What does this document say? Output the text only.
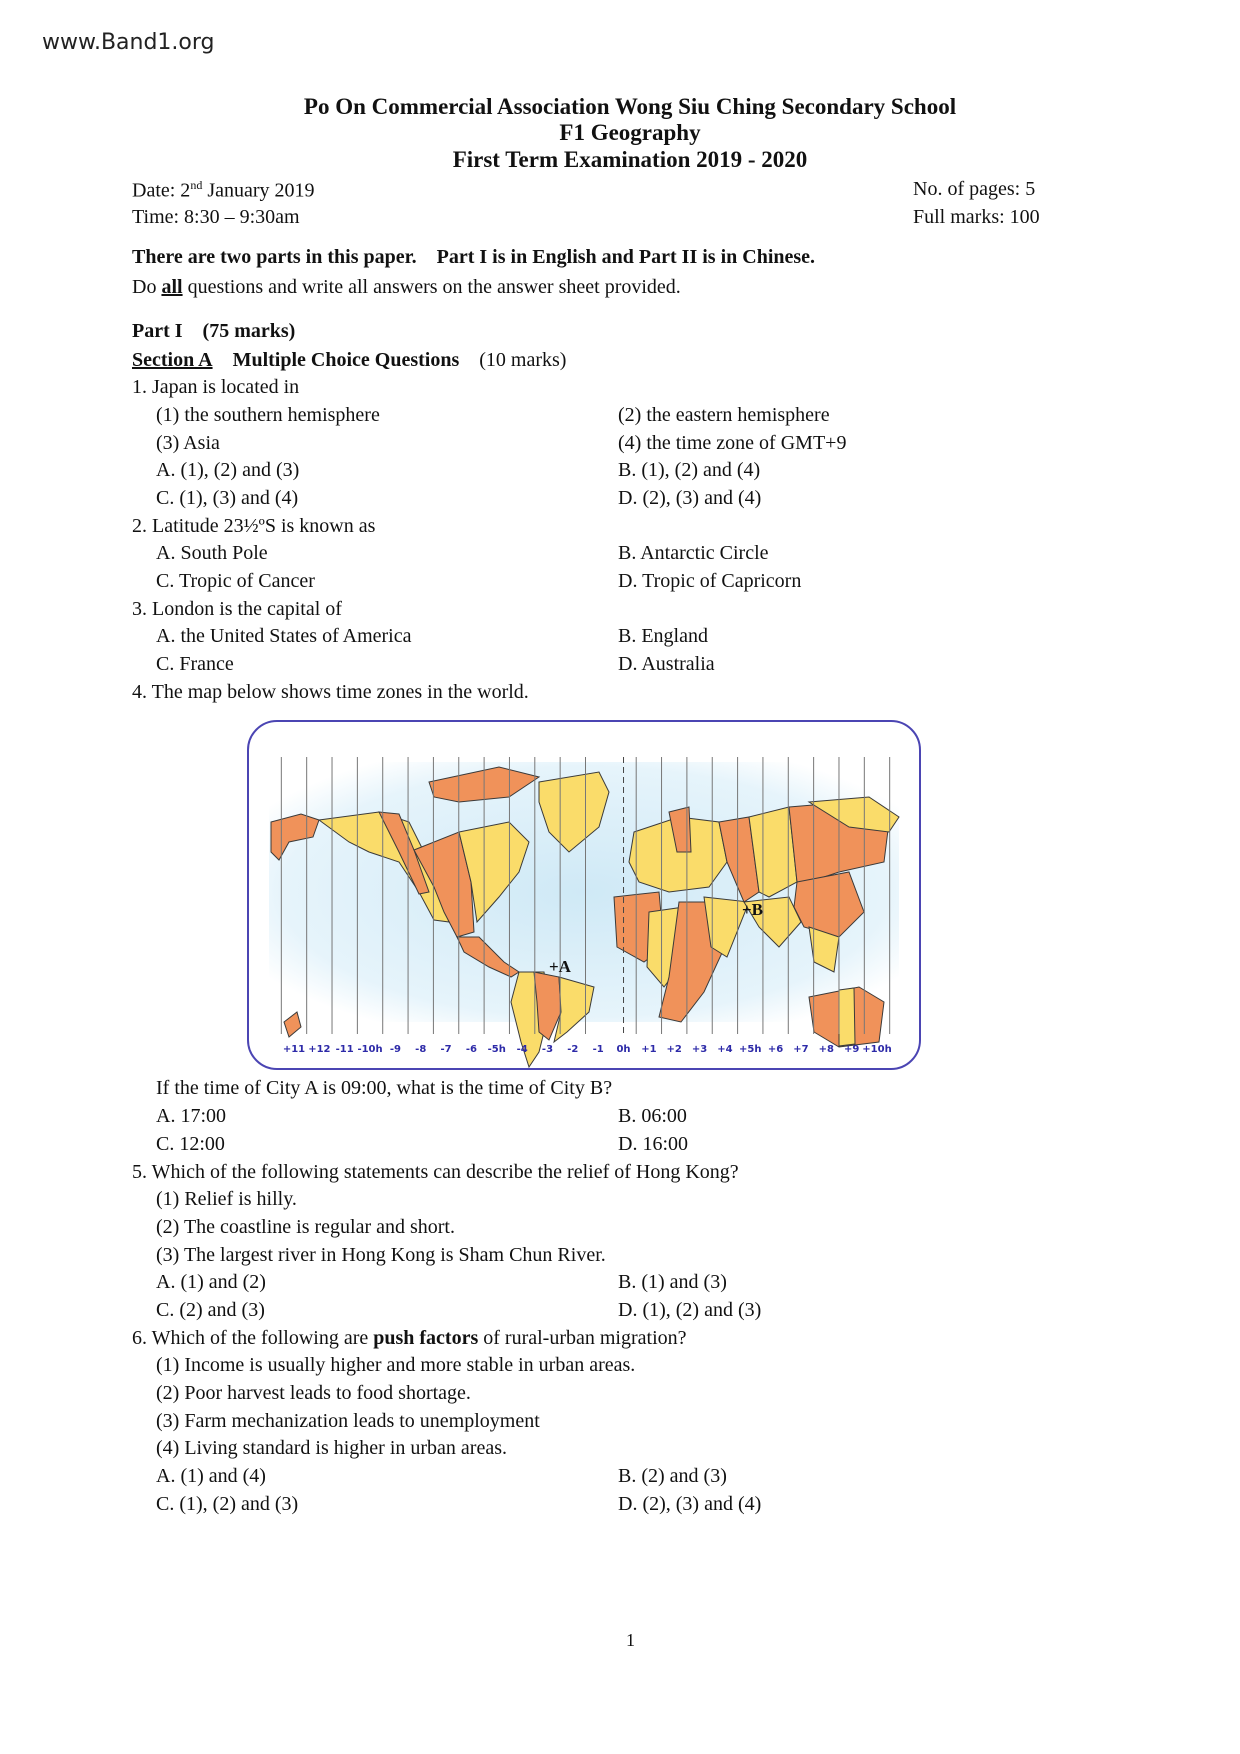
www.Band1.org
Po On Commercial Association Wong Siu Ching Secondary School
F1 Geography
First Term Examination 2019 - 2020
Date: 2nd January 2019
Time: 8:30 – 9:30am
No. of pages: 5
Full marks: 100
There are two parts in this paper. Part I is in English and Part II is in Chinese.
Do all questions and write all answers on the answer sheet provided.
Part I (75 marks)
Section A Multiple Choice Questions (10 marks)
1. Japan is located in
(1) the southern hemisphere	(2) the eastern hemisphere
(3) Asia	(4) the time zone of GMT+9
A. (1), (2) and (3)	B. (1), (2) and (4)
C. (1), (3) and (4)	D. (2), (3) and (4)
2. Latitude 23½ºS is known as
A. South Pole	B. Antarctic Circle
C. Tropic of Cancer	D. Tropic of Capricorn
3. London is the capital of
A. the United States of America	B. England
C. France	D. Australia
4. The map below shows time zones in the world.
+11 +12 -11 -10h -9 -8 -7 -6 -5h -4 -3 -2 -1 0h +1 +2 +3 +4 +5h +6 +7 +8 +9 +10h
+A
+B
If the time of City A is 09:00, what is the time of City B?
A. 17:00	B. 06:00
C. 12:00	D. 16:00
5. Which of the following statements can describe the relief of Hong Kong?
(1) Relief is hilly.
(2) The coastline is regular and short.
(3) The largest river in Hong Kong is Sham Chun River.
A. (1) and (2)	B. (1) and (3)
C. (2) and (3)	D. (1), (2) and (3)
6. Which of the following are push factors of rural-urban migration?
(1) Income is usually higher and more stable in urban areas.
(2) Poor harvest leads to food shortage.
(3) Farm mechanization leads to unemployment
(4) Living standard is higher in urban areas.
A. (1) and (4)	B. (2) and (3)
C. (1), (2) and (3)	D. (2), (3) and (4)
1
